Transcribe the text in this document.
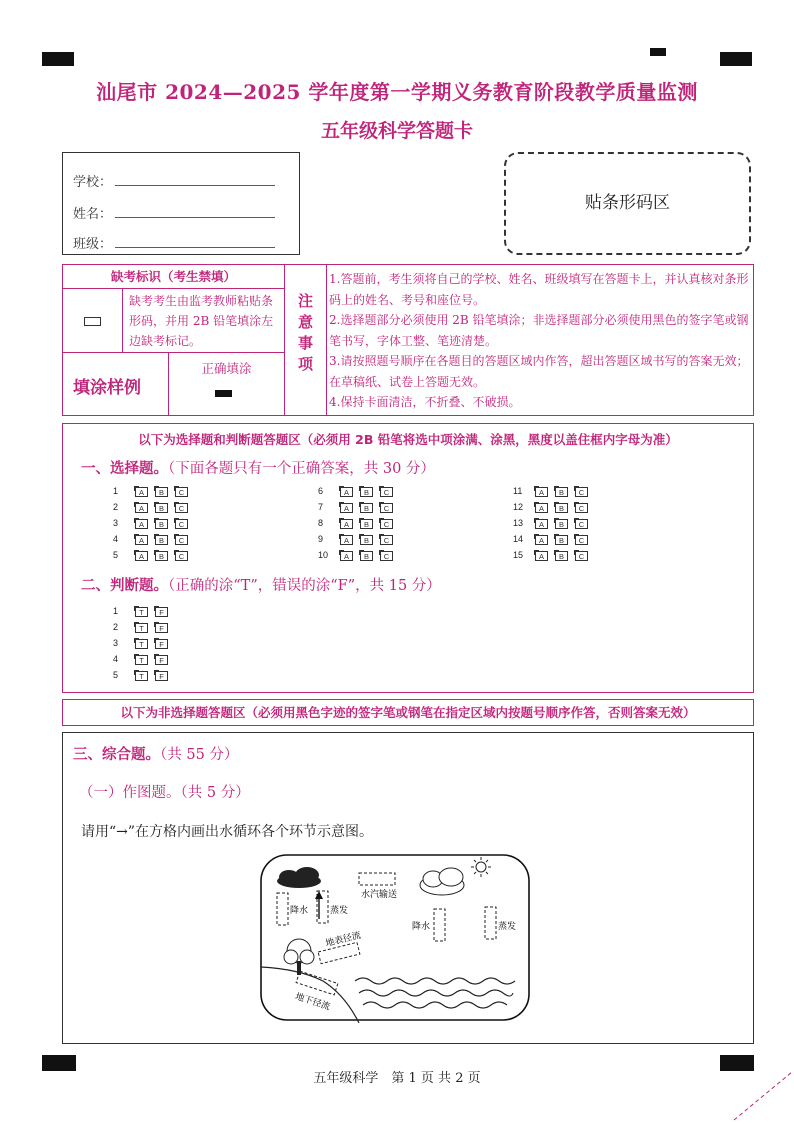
汕尾市 2024—2025 学年度第一学期义务教育阶段教学质量监测
五年级科学答题卡
学校：
姓名：
班级：
贴条形码区
缺考标识（考生禁填）
缺考考生由监考教师粘贴条形码，并用 2B 铅笔填涂左边缺考标记。
填涂样例
正确填涂
注意事项
1.答题前，考生须将自己的学校、姓名、班级填写在答题卡上，并认真核对条形码上的姓名、考号和座位号。
2.选择题部分必须使用 2B 铅笔填涂；非选择题部分必须使用黑色的签字笔或钢笔书写，字体工整、笔迹清楚。
3.请按照题号顺序在各题目的答题区域内作答，超出答题区域书写的答案无效；在草稿纸、试卷上答题无效。
4.保持卡面清洁，不折叠、不破损。
以下为选择题和判断题答题区（必须用 2B 铅笔将选中项涂满、涂黑，黑度以盖住框内字母为准）
一、选择题。（下面各题只有一个正确答案，共 30 分）
1	A	B	C
2	A	B	C
3	A	B	C
4	A	B	C
5	A	B	C
6	A	B	C
7	A	B	C
8	A	B	C
9	A	B	C
10	A	B	C
11	A	B	C
12	A	B	C
13	A	B	C
14	A	B	C
15	A	B	C
二、判断题。（正确的涂“T”，错误的涂“F”，共 15 分）
1	T	F
2	T	F
3	T	F
4	T	F
5	T	F
以下为非选择题答题区（必须用黑色字迹的签字笔或钢笔在指定区域内按题号顺序作答，否则答案无效）
三、综合题。（共 55 分）
（一）作图题。（共 5 分）
请用“→”在方格内画出水循环各个环节示意图。
降水 蒸发
水汽输送
降水	蒸发
地表径流
地下径流
五年级科学　第 1 页 共 2 页
